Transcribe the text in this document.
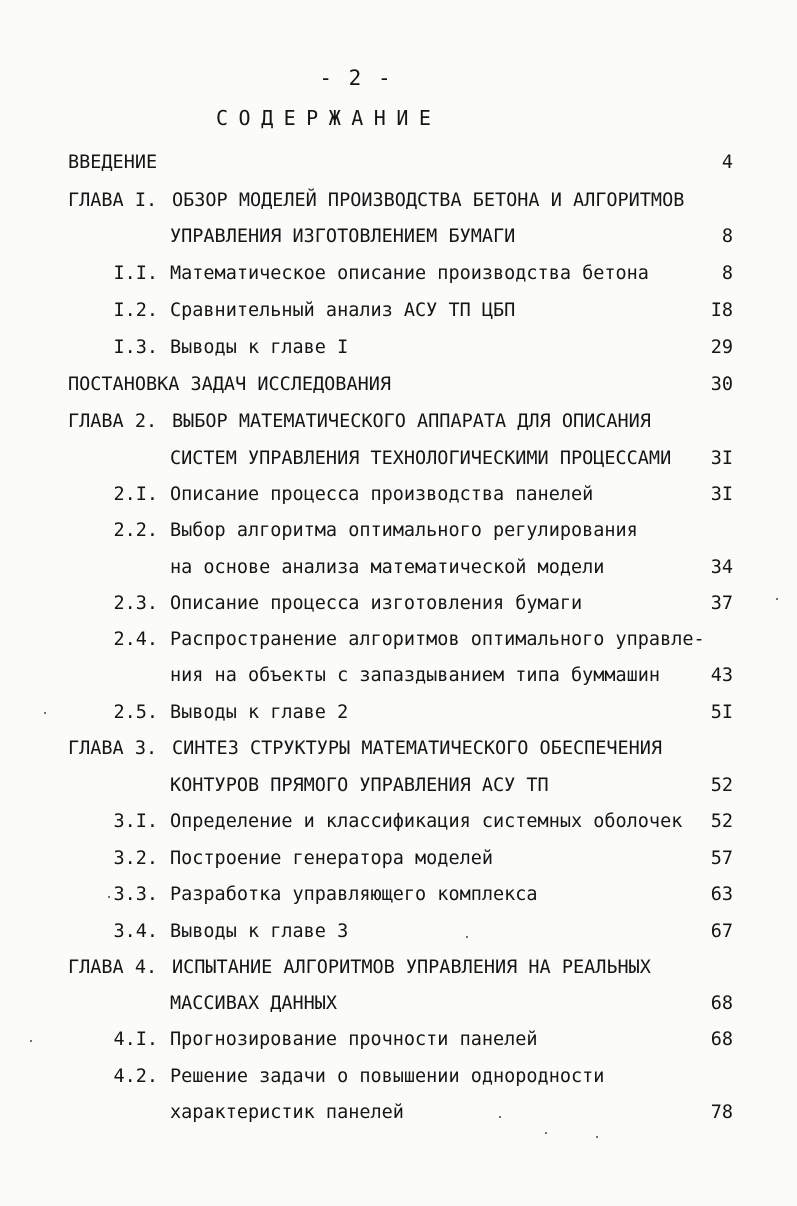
- 2 -
СОДЕРЖАНИЕ
ВВЕДЕНИЕ	4
ГЛАВА I. ОБЗОР МОДЕЛЕЙ ПРОИЗВОДСТВА БЕТОНА И АЛГОРИТМОВ
УПРАВЛЕНИЯ ИЗГОТОВЛЕНИЕМ БУМАГИ	8
I.I. Математическое описание производства бетона	8
I.2. Сравнительный анализ АСУ ТП ЦБП	I8
I.3. Выводы к главе I	29
ПОСТАНОВКА ЗАДАЧ ИССЛЕДОВАНИЯ	30
ГЛАВА 2. ВЫБОР МАТЕМАТИЧЕСКОГО АППАРАТА ДЛЯ ОПИСАНИЯ
СИСТЕМ УПРАВЛЕНИЯ ТЕХНОЛОГИЧЕСКИМИ ПРОЦЕССАМИ 3I
2.I. Описание процесса производства панелей	3I
2.2. Выбор алгоритма оптимального регулирования
на основе анализа математической модели	34
2.3. Описание процесса изготовления бумаги	37
2.4. Распространение алгоритмов оптимального управле-
ния на объекты с запаздыванием типа буммашин	43
2.5. Выводы к главе 2	5I
ГЛАВА 3. СИНТЕЗ СТРУКТУРЫ МАТЕМАТИЧЕСКОГО ОБЕСПЕЧЕНИЯ
КОНТУРОВ ПРЯМОГО УПРАВЛЕНИЯ АСУ ТП	52
3.I. Определение и классификация системных оболочек 52
3.2. Построение генератора моделей	57
3.3. Разработка управляющего комплекса	63
3.4. Выводы к главе 3	67
ГЛАВА 4. ИСПЫТАНИЕ АЛГОРИТМОВ УПРАВЛЕНИЯ НА РЕАЛЬНЫХ
МАССИВАХ ДАННЫХ	68
4.I. Прогнозирование прочности панелей	68
4.2. Решение задачи о повышении однородности
характеристик панелей	78
